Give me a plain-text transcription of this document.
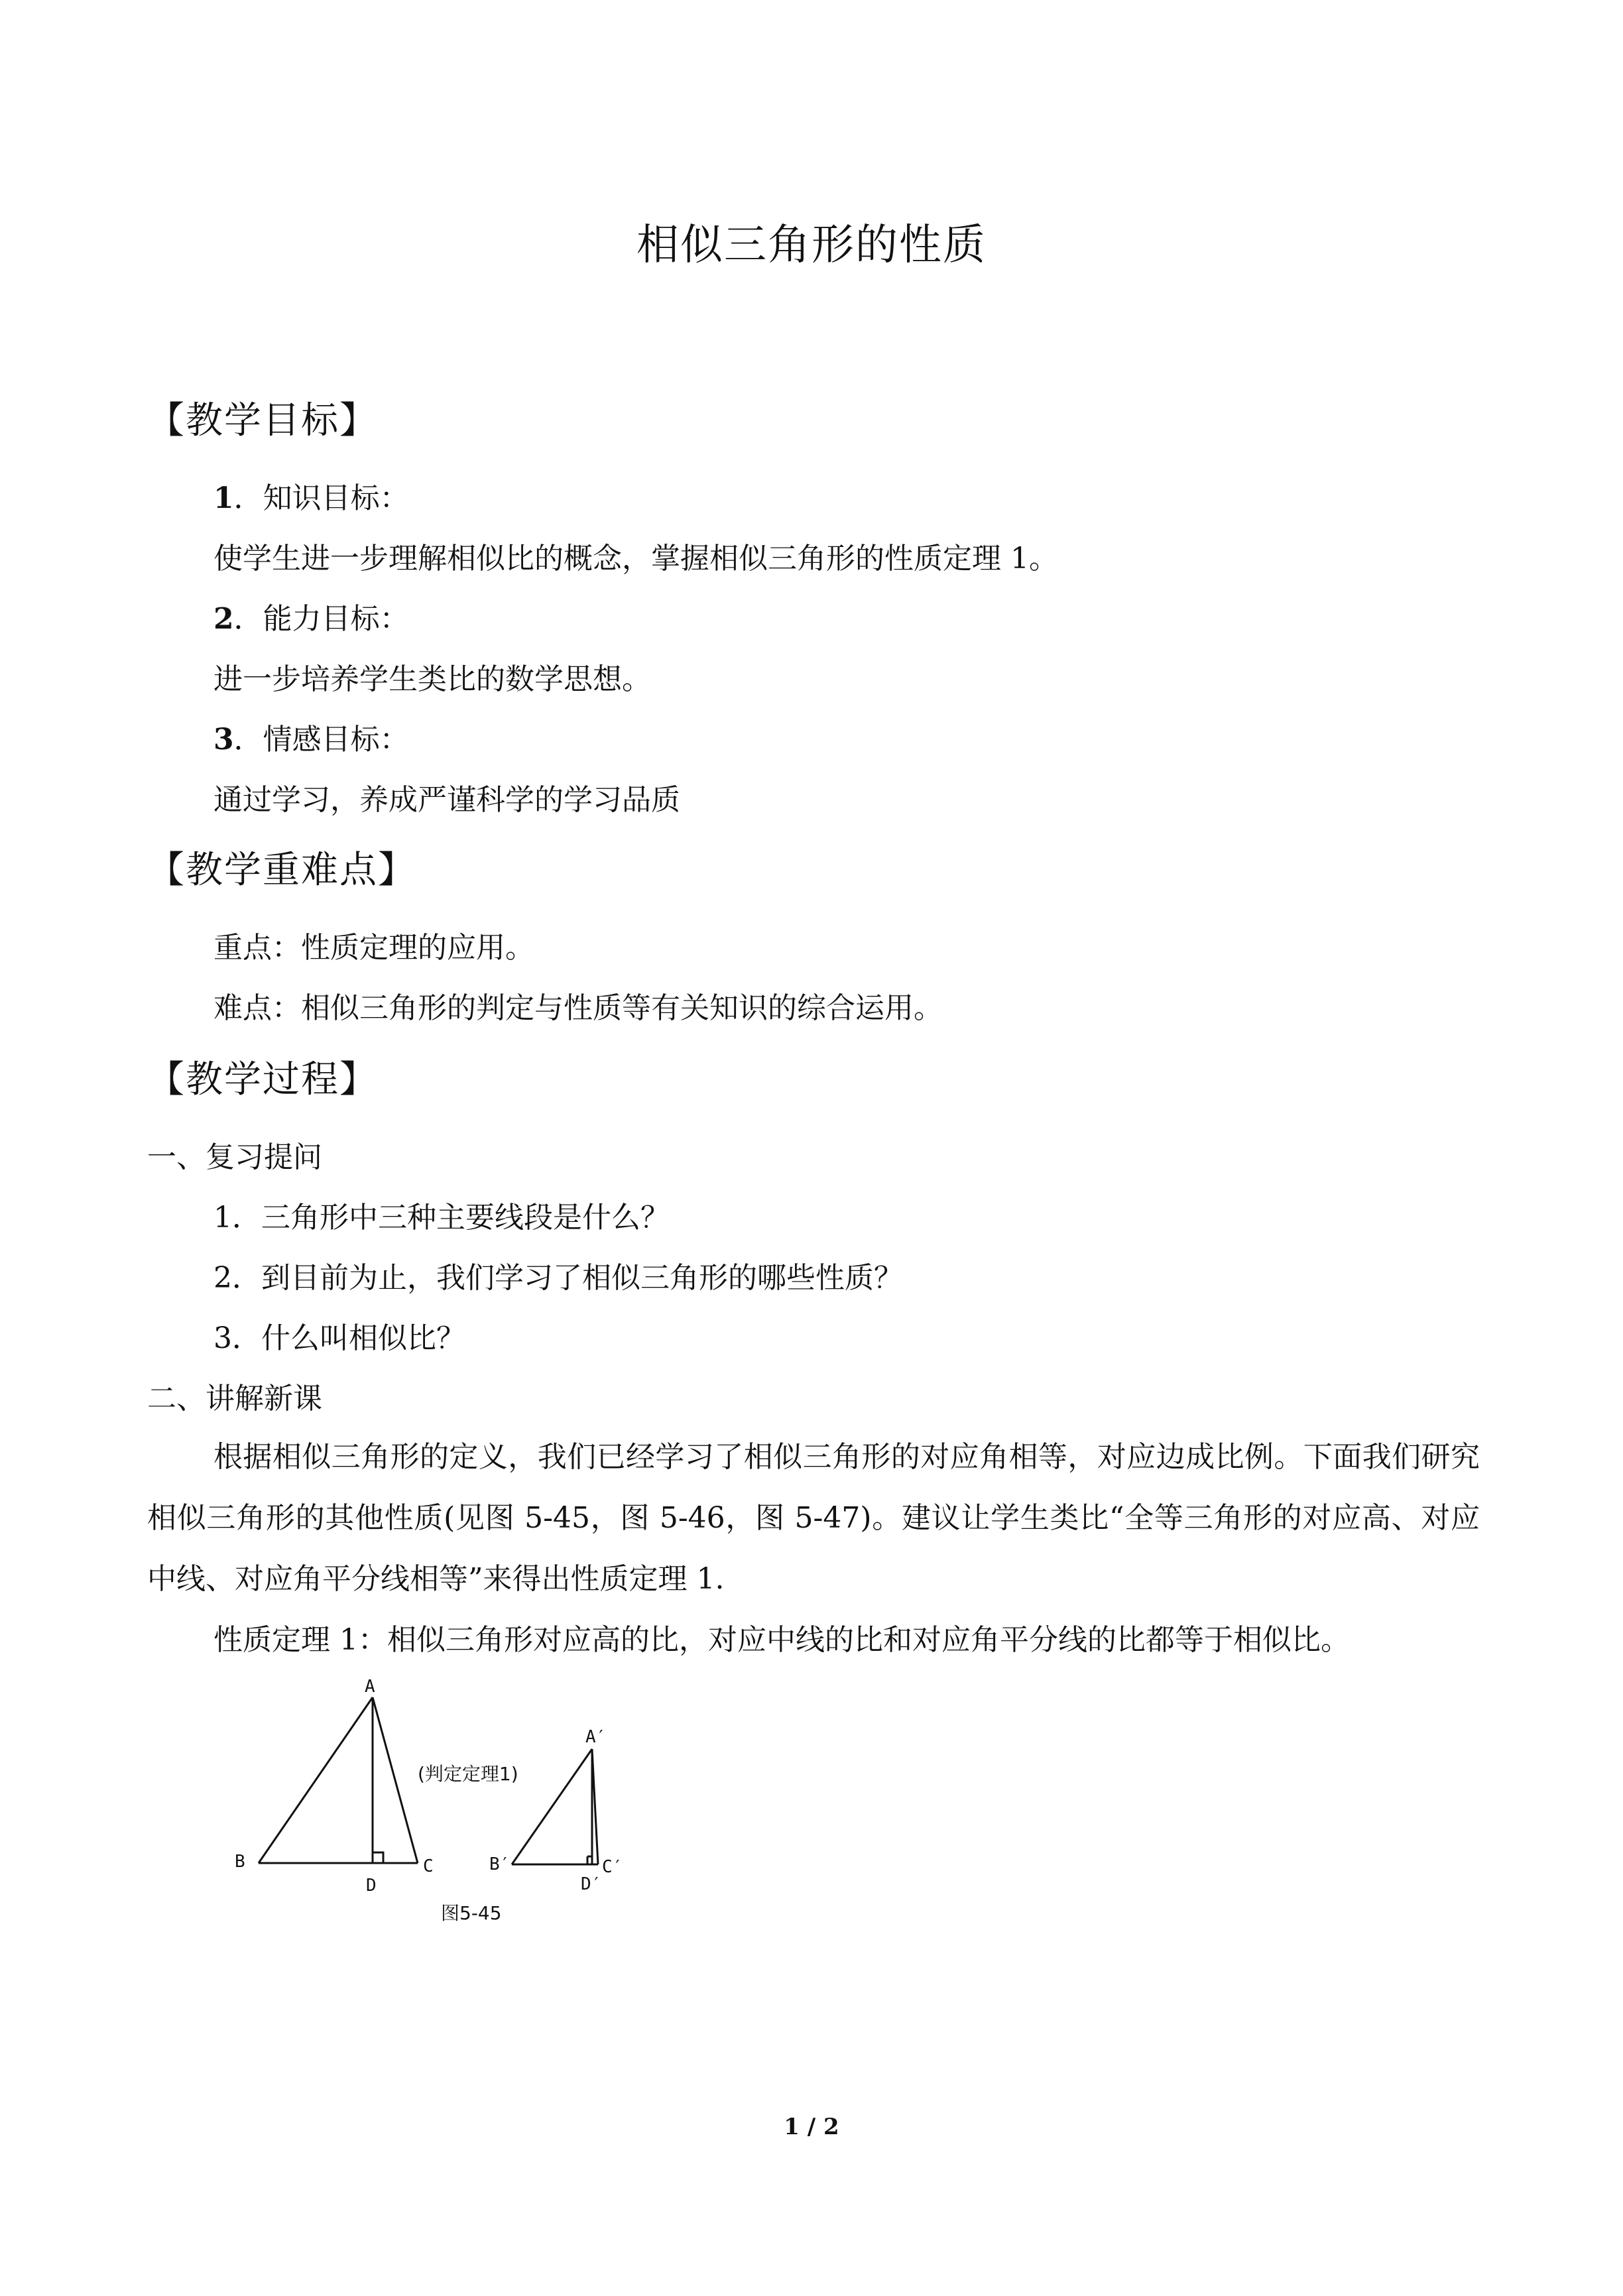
相似三角形的性质
【教学目标】
1．知识目标：
使学生进一步理解相似比的概念，掌握相似三角形的性质定理 1。
2．能力目标：
进一步培养学生类比的数学思想。
3．情感目标：
通过学习，养成严谨科学的学习品质
【教学重难点】
重点：性质定理的应用。
难点：相似三角形的判定与性质等有关知识的综合运用。
【教学过程】
一、复习提问
1．三角形中三种主要线段是什么？
2．到目前为止，我们学习了相似三角形的哪些性质？
3．什么叫相似比？
二、讲解新课
根据相似三角形的定义，我们已经学习了相似三角形的对应角相等，对应边成比例。下面我们研究相似三角形的其他性质(见图 5-45，图 5-46，图 5-47)。建议让学生类比“全等三角形的对应高、对应中线、对应角平分线相等”来得出性质定理 1.
性质定理 1：相似三角形对应高的比，对应中线的比和对应角平分线的比都等于相似比。
A
B	C
D
A′
B′	C′
D′
(判定定理1)
图5-45
1 / 2
